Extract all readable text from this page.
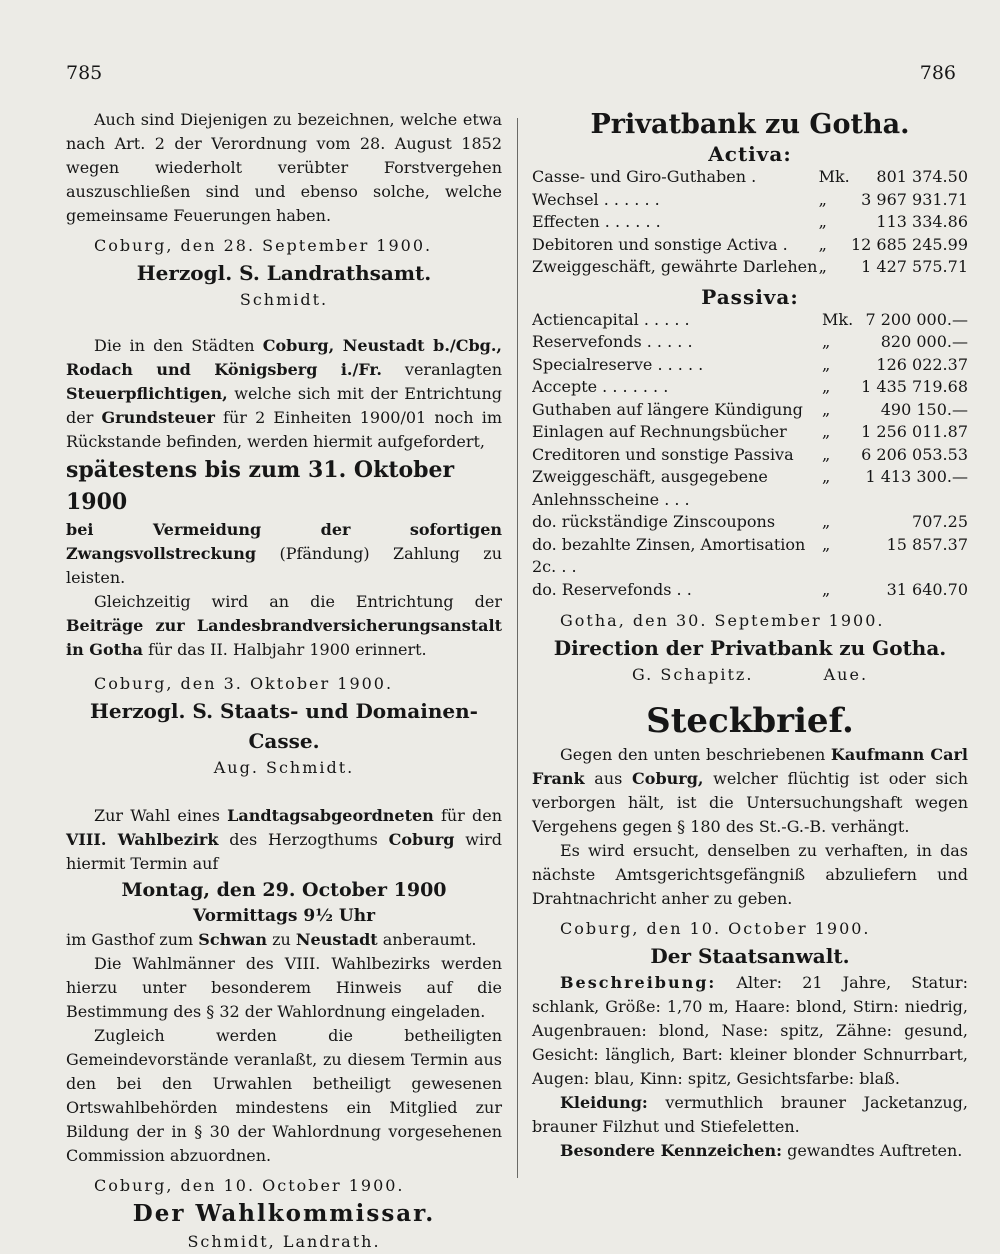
785	786

Auch sind Diejenigen zu bezeichnen, welche etwa nach Art. 2 der Verordnung vom 28. August 1852 wegen wiederholt verübter Forstvergehen auszuschließen sind und ebenso solche, welche gemeinsame Feuerungen haben.

Coburg, den 28. September 1900.

Herzogl. S. Landrathsamt.
Schmidt.

Die in den Städten Coburg, Neustadt b./Cbg., Rodach und Königsberg i./Fr. veranlagten Steuerpflichtigen, welche sich mit der Entrichtung der Grundsteuer für 2 Einheiten 1900/01 noch im Rückstande befinden, werden hiermit aufgefordert,

spätestens bis zum 31. Oktober 1900

bei Vermeidung der sofortigen Zwangsvollstreckung (Pfändung) Zahlung zu leisten.

Gleichzeitig wird an die Entrichtung der Beiträge zur Landesbrandversicherungsanstalt in Gotha für das II. Halbjahr 1900 erinnert.

Coburg, den 3. Oktober 1900.

Herzogl. S. Staats- und Domainen-Casse.
Aug. Schmidt.

Zur Wahl eines Landtagsabgeordneten für den VIII. Wahlbezirk des Herzogthums Coburg wird hiermit Termin auf

Montag, den 29. October 1900
Vormittags 9½ Uhr

im Gasthof zum Schwan zu Neustadt anberaumt.

Die Wahlmänner des VIII. Wahlbezirks werden hierzu unter besonderem Hinweis auf die Bestimmung des § 32 der Wahlordnung eingeladen.

Zugleich werden die betheiligten Gemeindevorstände veranlaßt, zu diesem Termin aus den bei den Urwahlen betheiligt gewesenen Ortswahlbehörden mindestens ein Mitglied zur Bildung der in § 30 der Wahlordnung vorgesehenen Commission abzuordnen.

Coburg, den 10. October 1900.

Der Wahlkommissar.
Schmidt, Landrath.
Privatbank zu Gotha.
Activa:
Casse- und Giro-Guthaben .	Mk.	801 374.50
Wechsel . . . . . .	„	3 967 931.71
Effecten . . . . . .	„	113 334.86
Debitoren und sonstige Activa .	„	12 685 245.99
Zweiggeschäft, gewährte Darlehen	„	1 427 575.71
Passiva:
Actiencapital . . . . .	Mk.	7 200 000.—
Reservefonds . . . . .	„	820 000.—
Specialreserve . . . . .	„	126 022.37
Accepte . . . . . . .	„	1 435 719.68
Guthaben auf längere Kündigung	„	490 150.—
Einlagen auf Rechnungsbücher	„	1 256 011.87
Creditoren und sonstige Passiva	„	6 206 053.53
Zweiggeschäft, ausgegebene Anlehnsscheine . . .	„	1 413 300.—
do. rückständige Zinscoupons	„	707.25
do. bezahlte Zinsen, Amortisation 2c. . .	„	15 857.37
do. Reservefonds . .	„	31 640.70

Gotha, den 30. September 1900.

Direction der Privatbank zu Gotha.
G. Schapitz.	Aue.
Steckbrief.

Gegen den unten beschriebenen Kaufmann Carl Frank aus Coburg, welcher flüchtig ist oder sich verborgen hält, ist die Untersuchungshaft wegen Vergehens gegen § 180 des St.-G.-B. verhängt.

Es wird ersucht, denselben zu verhaften, in das nächste Amtsgerichtsgefängniß abzuliefern und Drahtnachricht anher zu geben.

Coburg, den 10. October 1900.

Der Staatsanwalt.

Beschreibung: Alter: 21 Jahre, Statur: schlank, Größe: 1,70 m, Haare: blond, Stirn: niedrig, Augenbrauen: blond, Nase: spitz, Zähne: gesund, Gesicht: länglich, Bart: kleiner blonder Schnurrbart, Augen: blau, Kinn: spitz, Gesichtsfarbe: blaß.

Kleidung: vermuthlich brauner Jacketanzug, brauner Filzhut und Stiefeletten.

Besondere Kennzeichen: gewandtes Auftreten.
